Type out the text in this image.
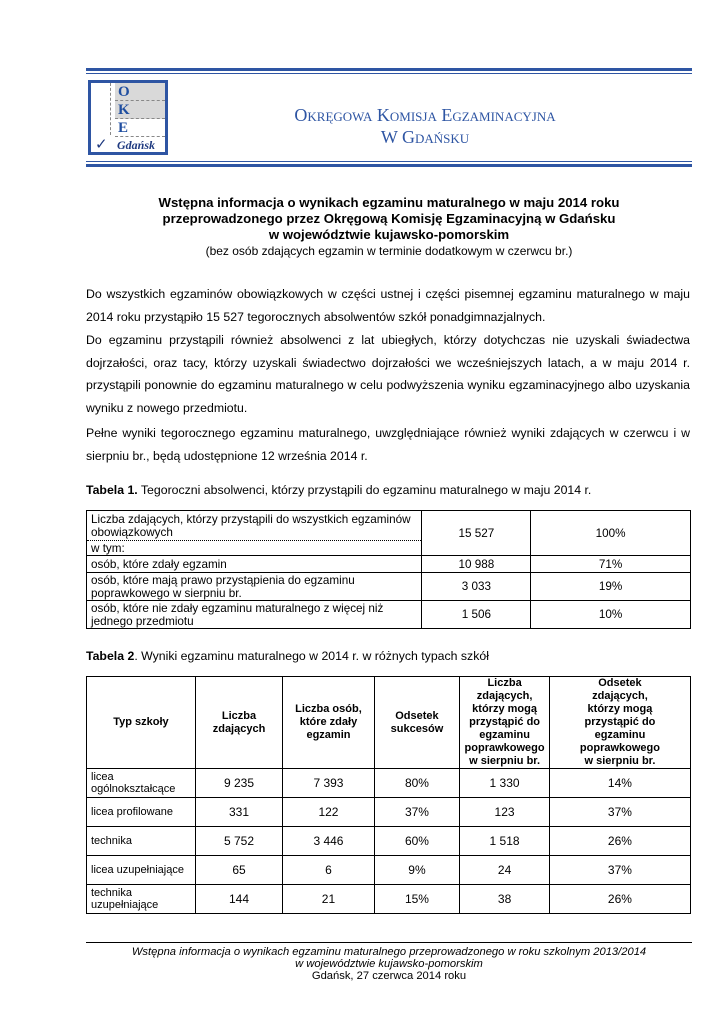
O
K
E
✓ Gdańsk
Okręgowa Komisja Egzaminacyjna
W Gdańsku
Wstępna informacja o wynikach egzaminu maturalnego w maju 2014 roku
przeprowadzonego przez Okręgową Komisję Egzaminacyjną w Gdańsku
w województwie kujawsko-pomorskim
(bez osób zdających egzamin w terminie dodatkowym w czerwcu br.)

Do wszystkich egzaminów obowiązkowych w części ustnej i części pisemnej egzaminu maturalnego w maju 2014 roku przystąpiło 15 527 tegorocznych absolwentów szkół ponadgimnazjalnych.

Do egzaminu przystąpili również absolwenci z lat ubiegłych, którzy dotychczas nie uzyskali świadectwa dojrzałości, oraz tacy, którzy uzyskali świadectwo dojrzałości we wcześniejszych latach, a w maju 2014 r. przystąpili ponownie do egzaminu maturalnego w celu podwyższenia wyniku egzaminacyjnego albo uzyskania wyniku z nowego przedmiotu.

Pełne wyniki tegorocznego egzaminu maturalnego, uwzględniające również wyniki zdających w czerwcu i w sierpniu br., będą udostępnione 12 września 2014 r.

Tabela 1. Tegoroczni absolwenci, którzy przystąpili do egzaminu maturalnego w maju 2014 r.
Liczba zdających, którzy przystąpili do wszystkich egzaminów obowiązkowych	15 527	100%
w tym:		
osób, które zdały egzamin	10 988	71%
osób, które mają prawo przystąpienia do egzaminu poprawkowego w sierpniu br.	3 033	19%
osób, które nie zdały egzaminu maturalnego z więcej niż jednego przedmiotu	1 506	10%
Tabela 2. Wyniki egzaminu maturalnego w 2014 r. w różnych typach szkół
Typ szkoły	Liczba zdających	Liczba osób, które zdały egzamin	Odsetek sukcesów	Liczba zdających, którzy mogą przystąpić do egzaminu poprawkowego w sierpniu br.	Odsetek zdających, którzy mogą przystąpić do egzaminu poprawkowego w sierpniu br.
licea ogólnokształcące	9 235	7 393	80%	1 330	14%
licea profilowane	331	122	37%	123	37%
technika	5 752	3 446	60%	1 518	26%
licea uzupełniające	65	6	9%	24	37%
technika uzupełniające	144	21	15%	38	26%
Wstępna informacja o wynikach egzaminu maturalnego przeprowadzonego w roku szkolnym 2013/2014
w województwie kujawsko-pomorskim
Gdańsk, 27 czerwca 2014 roku
